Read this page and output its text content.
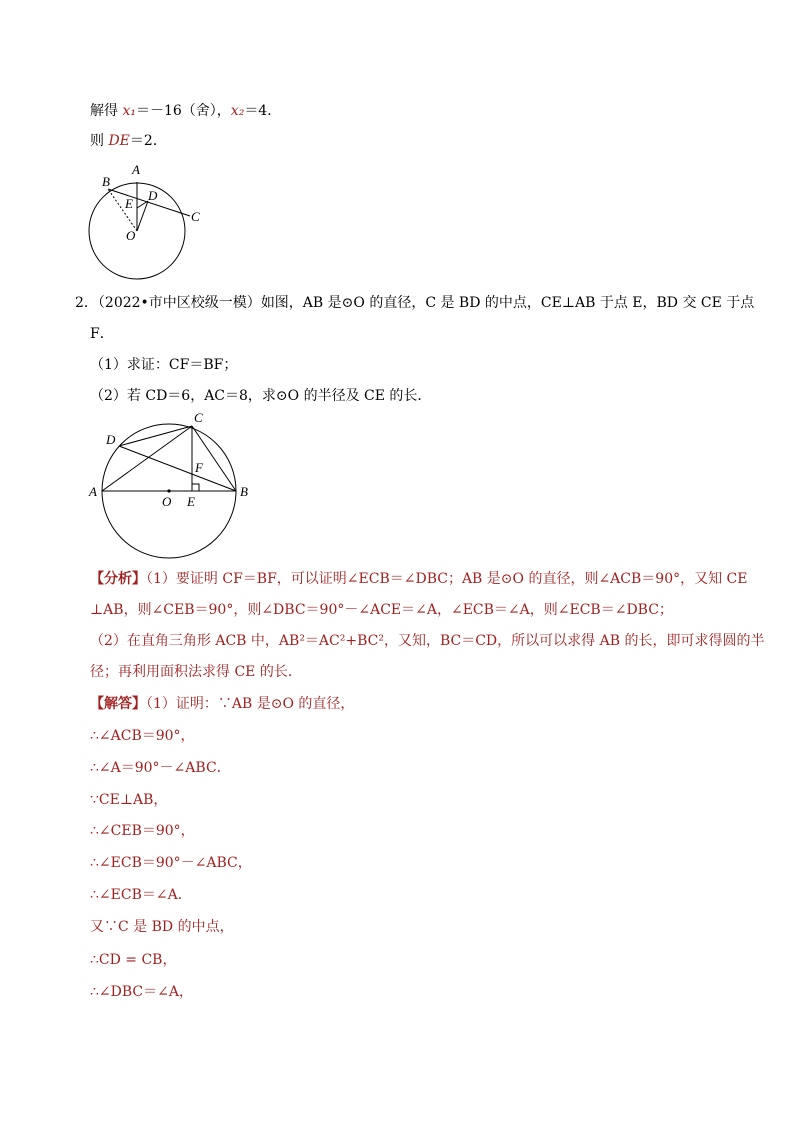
解得 x₁＝－16（舍），x₂＝4．
则 DE＝2．
A
B
D
E
C
O
2．（2022•市中区校级一模）如图，AB 是⊙O 的直径，C 是 BD 的中点，CE⊥AB 于点 E，BD 交 CE 于点
F．
（1）求证：CF＝BF；
（2）若 CD＝6，AC＝8，求⊙O 的半径及 CE 的长．
C
D
F
A	B
O E
【分析】（1）要证明 CF＝BF，可以证明∠ECB＝∠DBC；AB 是⊙O 的直径，则∠ACB＝90°，又知 CE
⊥AB，则∠CEB＝90°，则∠DBC＝90°－∠ACE＝∠A，∠ECB＝∠A，则∠ECB＝∠DBC；
（2）在直角三角形 ACB 中，AB²＝AC²+BC²，又知，BC＝CD，所以可以求得 AB 的长，即可求得圆的半
径；再利用面积法求得 CE 的长．
【解答】（1）证明：∵AB 是⊙O 的直径，
∴∠ACB＝90°，
∴∠A＝90°－∠ABC．
∵CE⊥AB，
∴∠CEB＝90°，
∴∠ECB＝90°－∠ABC，
∴∠ECB＝∠A．
又∵C 是 BD 的中点，
∴CD = CB，
∴∠DBC＝∠A，
